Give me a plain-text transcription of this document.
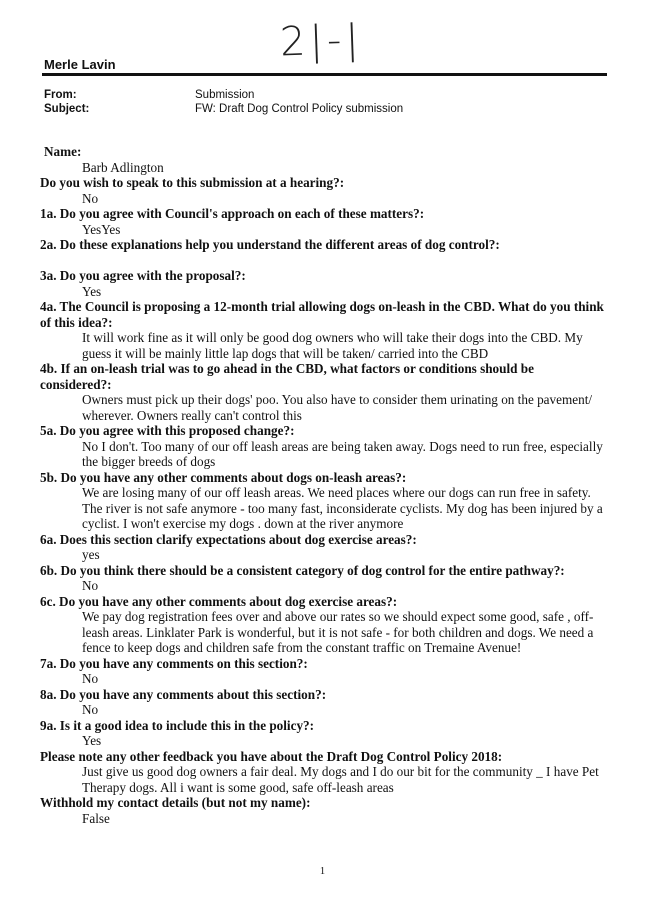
2|-|
Merle Lavin
From:	Submission
Subject:	FW: Draft Dog Control Policy submission

Name:

Barb Adlington

Do you wish to speak to this submission at a hearing?:

No

1a. Do you agree with Council's approach on each of these matters?:

YesYes

2a. Do these explanations help you understand the different areas of dog control?:

3a. Do you agree with the proposal?:

Yes

4a. The Council is proposing a 12-month trial allowing dogs on-leash in the CBD. What do you think of this idea?:

It will work fine as it will only be good dog owners who will take their dogs into the CBD. My guess it will be mainly little lap dogs that will be taken/ carried into the CBD

4b. If an on-leash trial was to go ahead in the CBD, what factors or conditions should be considered?:

Owners must pick up their dogs' poo. You also have to consider them urinating on the pavement/ wherever. Owners really can't control this

5a. Do you agree with this proposed change?:

No I don't. Too many of our off leash areas are being taken away. Dogs need to run free, especially the bigger breeds of dogs

5b. Do you have any other comments about dogs on-leash areas?:

We are losing many of our off leash areas. We need places where our dogs can run free in safety. The river is not safe anymore - too many fast, inconsiderate cyclists. My dog has been injured by a cyclist. I won't exercise my dogs . down at the river anymore

6a. Does this section clarify expectations about dog exercise areas?:

yes

6b. Do you think there should be a consistent category of dog control for the entire pathway?:

No

6c. Do you have any other comments about dog exercise areas?:

We pay dog registration fees over and above our rates so we should expect some good, safe , off-leash areas. Linklater Park is wonderful, but it is not safe - for both children and dogs. We need a fence to keep dogs and children safe from the constant traffic on Tremaine Avenue!

7a. Do you have any comments on this section?:

No

8a. Do you have any comments about this section?:

No

9a. Is it a good idea to include this in the policy?:

Yes

Please note any other feedback you have about the Draft Dog Control Policy 2018:

Just give us good dog owners a fair deal. My dogs and I do our bit for the community _ I have Pet Therapy dogs. All i want is some good, safe off-leash areas

Withhold my contact details (but not my name):

False

1
